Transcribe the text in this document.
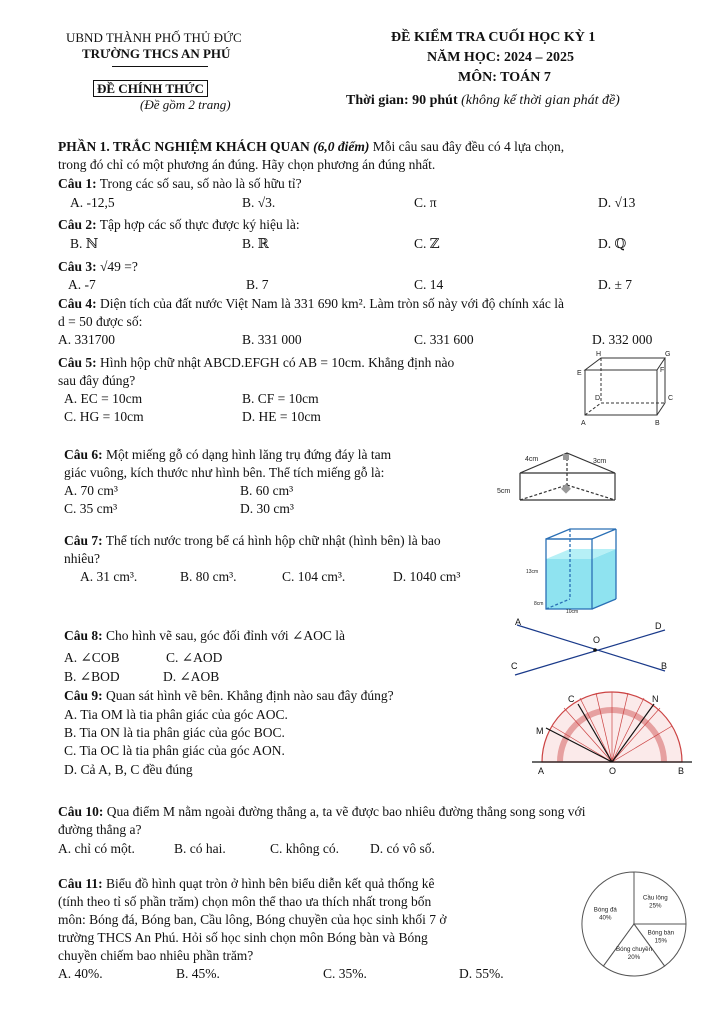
UBND THÀNH PHỐ THỦ ĐỨC
TRƯỜNG THCS AN PHÚ
ĐỀ CHÍNH THỨC
(Đề gồm 2 trang)
ĐỀ KIỂM TRA CUỐI HỌC KỲ 1
NĂM HỌC: 2024 – 2025
MÔN: TOÁN 7
Thời gian: 90 phút (không kể thời gian phát đề)
PHẦN 1. TRẮC NGHIỆM KHÁCH QUAN (6,0 điểm) Mỗi câu sau đây đều có 4 lựa chọn,
trong đó chỉ có một phương án đúng. Hãy chọn phương án đúng nhất.
Câu 1: Trong các số sau, số nào là số hữu tỉ?
A. -12,5	B. √3.	C. π	D. √13
Câu 2: Tập hợp các số thực được ký hiệu là:
B. ℕ	B. ℝ	C. ℤ	D. ℚ
Câu 3: √49 =?
A. -7	B. 7	C. 14	D. ± 7
Câu 4: Diện tích của đất nước Việt Nam là 331 690 km². Làm tròn số này với độ chính xác là
d = 50 được số:
A. 331700	B. 331 000	C. 331 600	D. 332 000
Câu 5: Hình hộp chữ nhật ABCD.EFGH có AB = 10cm. Khẳng định nào
sau đây đúng?
A. EC = 10cm	B. CF = 10cm
C. HG = 10cm	D. HE = 10cm
H	G
E	F
D	C
A	B
Câu 6: Một miếng gỗ có dạng hình lăng trụ đứng đáy là tam
giác vuông, kích thước như hình bên. Thể tích miếng gỗ là:
A. 70 cm³	B. 60 cm³
C. 35 cm³	D. 30 cm³
4cm	3cm
5cm
Câu 7: Thể tích nước trong bể cá hình hộp chữ nhật (hình bên) là bao
nhiêu?
A. 31 cm³.	B. 80 cm³.	C. 104 cm³.	D. 1040 cm³	13cm
8cm
10cm
Câu 8: Cho hình vẽ sau, góc đối đỉnh với ∠AOC là
A. ∠COB	C. ∠AOD
B. ∠BOD	D. ∠AOB
A	D
O
C	B
Câu 9: Quan sát hình vẽ bên. Khẳng định nào sau đây đúng?
A. Tia OM là tia phân giác của góc AOC.
B. Tia ON là tia phân giác của góc BOC.
C. Tia OC là tia phân giác của góc AON.
D. Cả A, B, C đều đúng
C	N
M
A	O	B
Câu 10: Qua điểm M nằm ngoài đường thẳng a, ta vẽ được bao nhiêu đường thẳng song song với
đường thẳng a?
A. chỉ có một.	B. có hai.	C. không có. D. có vô số.
Câu 11: Biểu đồ hình quạt tròn ở hình bên biểu diễn kết quả thống kê
(tính theo tỉ số phần trăm) chọn môn thể thao ưa thích nhất trong bốn
môn: Bóng đá, Bóng ban, Cầu lông, Bóng chuyền của học sinh khối 7 ở
trường THCS An Phú. Hỏi số học sinh chọn môn Bóng bàn và Bóng
chuyền chiếm bao nhiêu phần trăm?
A. 40%.	B. 45%.	C. 35%.	D. 55%.
Bóng đá
40%
Cầu lông
25%
Bóng bàn
15%
Bóng chuyền
20%
